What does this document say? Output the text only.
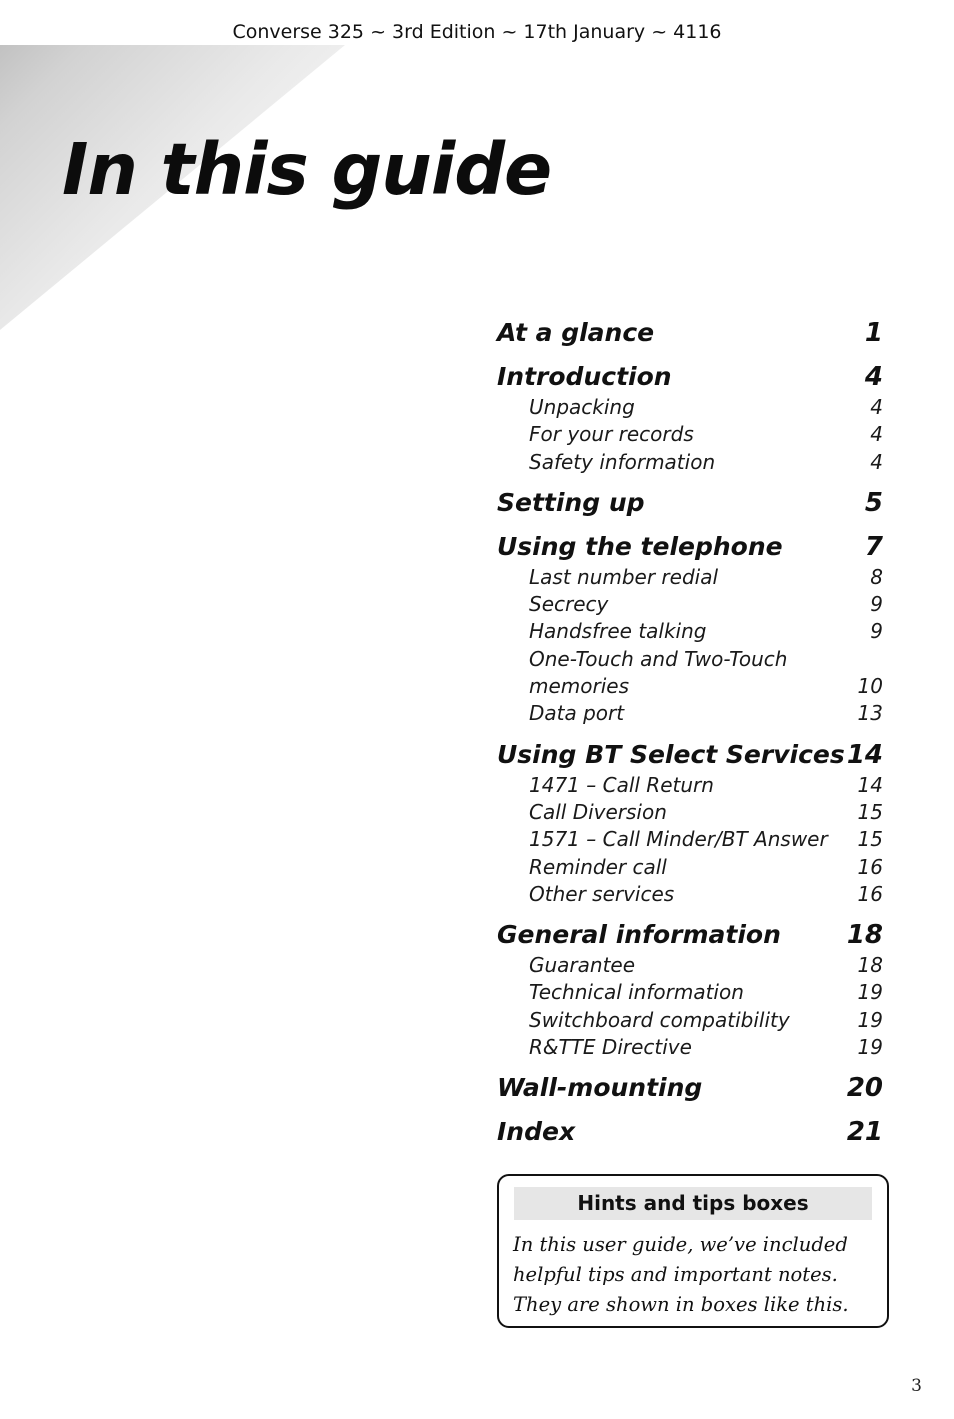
Converse 325 ~ 3rd Edition ~ 17th January ~ 4116
In this guide
At a glance	1
Introduction	4
Unpacking	4
For your records	4
Safety information	4
Setting up	5
Using the telephone	7
Last number redial	8
Secrecy	9
Handsfree talking	9
One-Touch and Two-Touch
memories	10
Data port	13
Using BT Select Services 14
1471 – Call Return	14
Call Diversion	15
1571 – Call Minder/BT Answer 15
Reminder call	16
Other services	16
General information	18
Guarantee	18
Technical information	19
Switchboard compatibility	19
R&TTE Directive	19
Wall-mounting	20
Index	21
Hints and tips boxes
In this user guide, we’ve included
helpful tips and important notes.
They are shown in boxes like this.
3
